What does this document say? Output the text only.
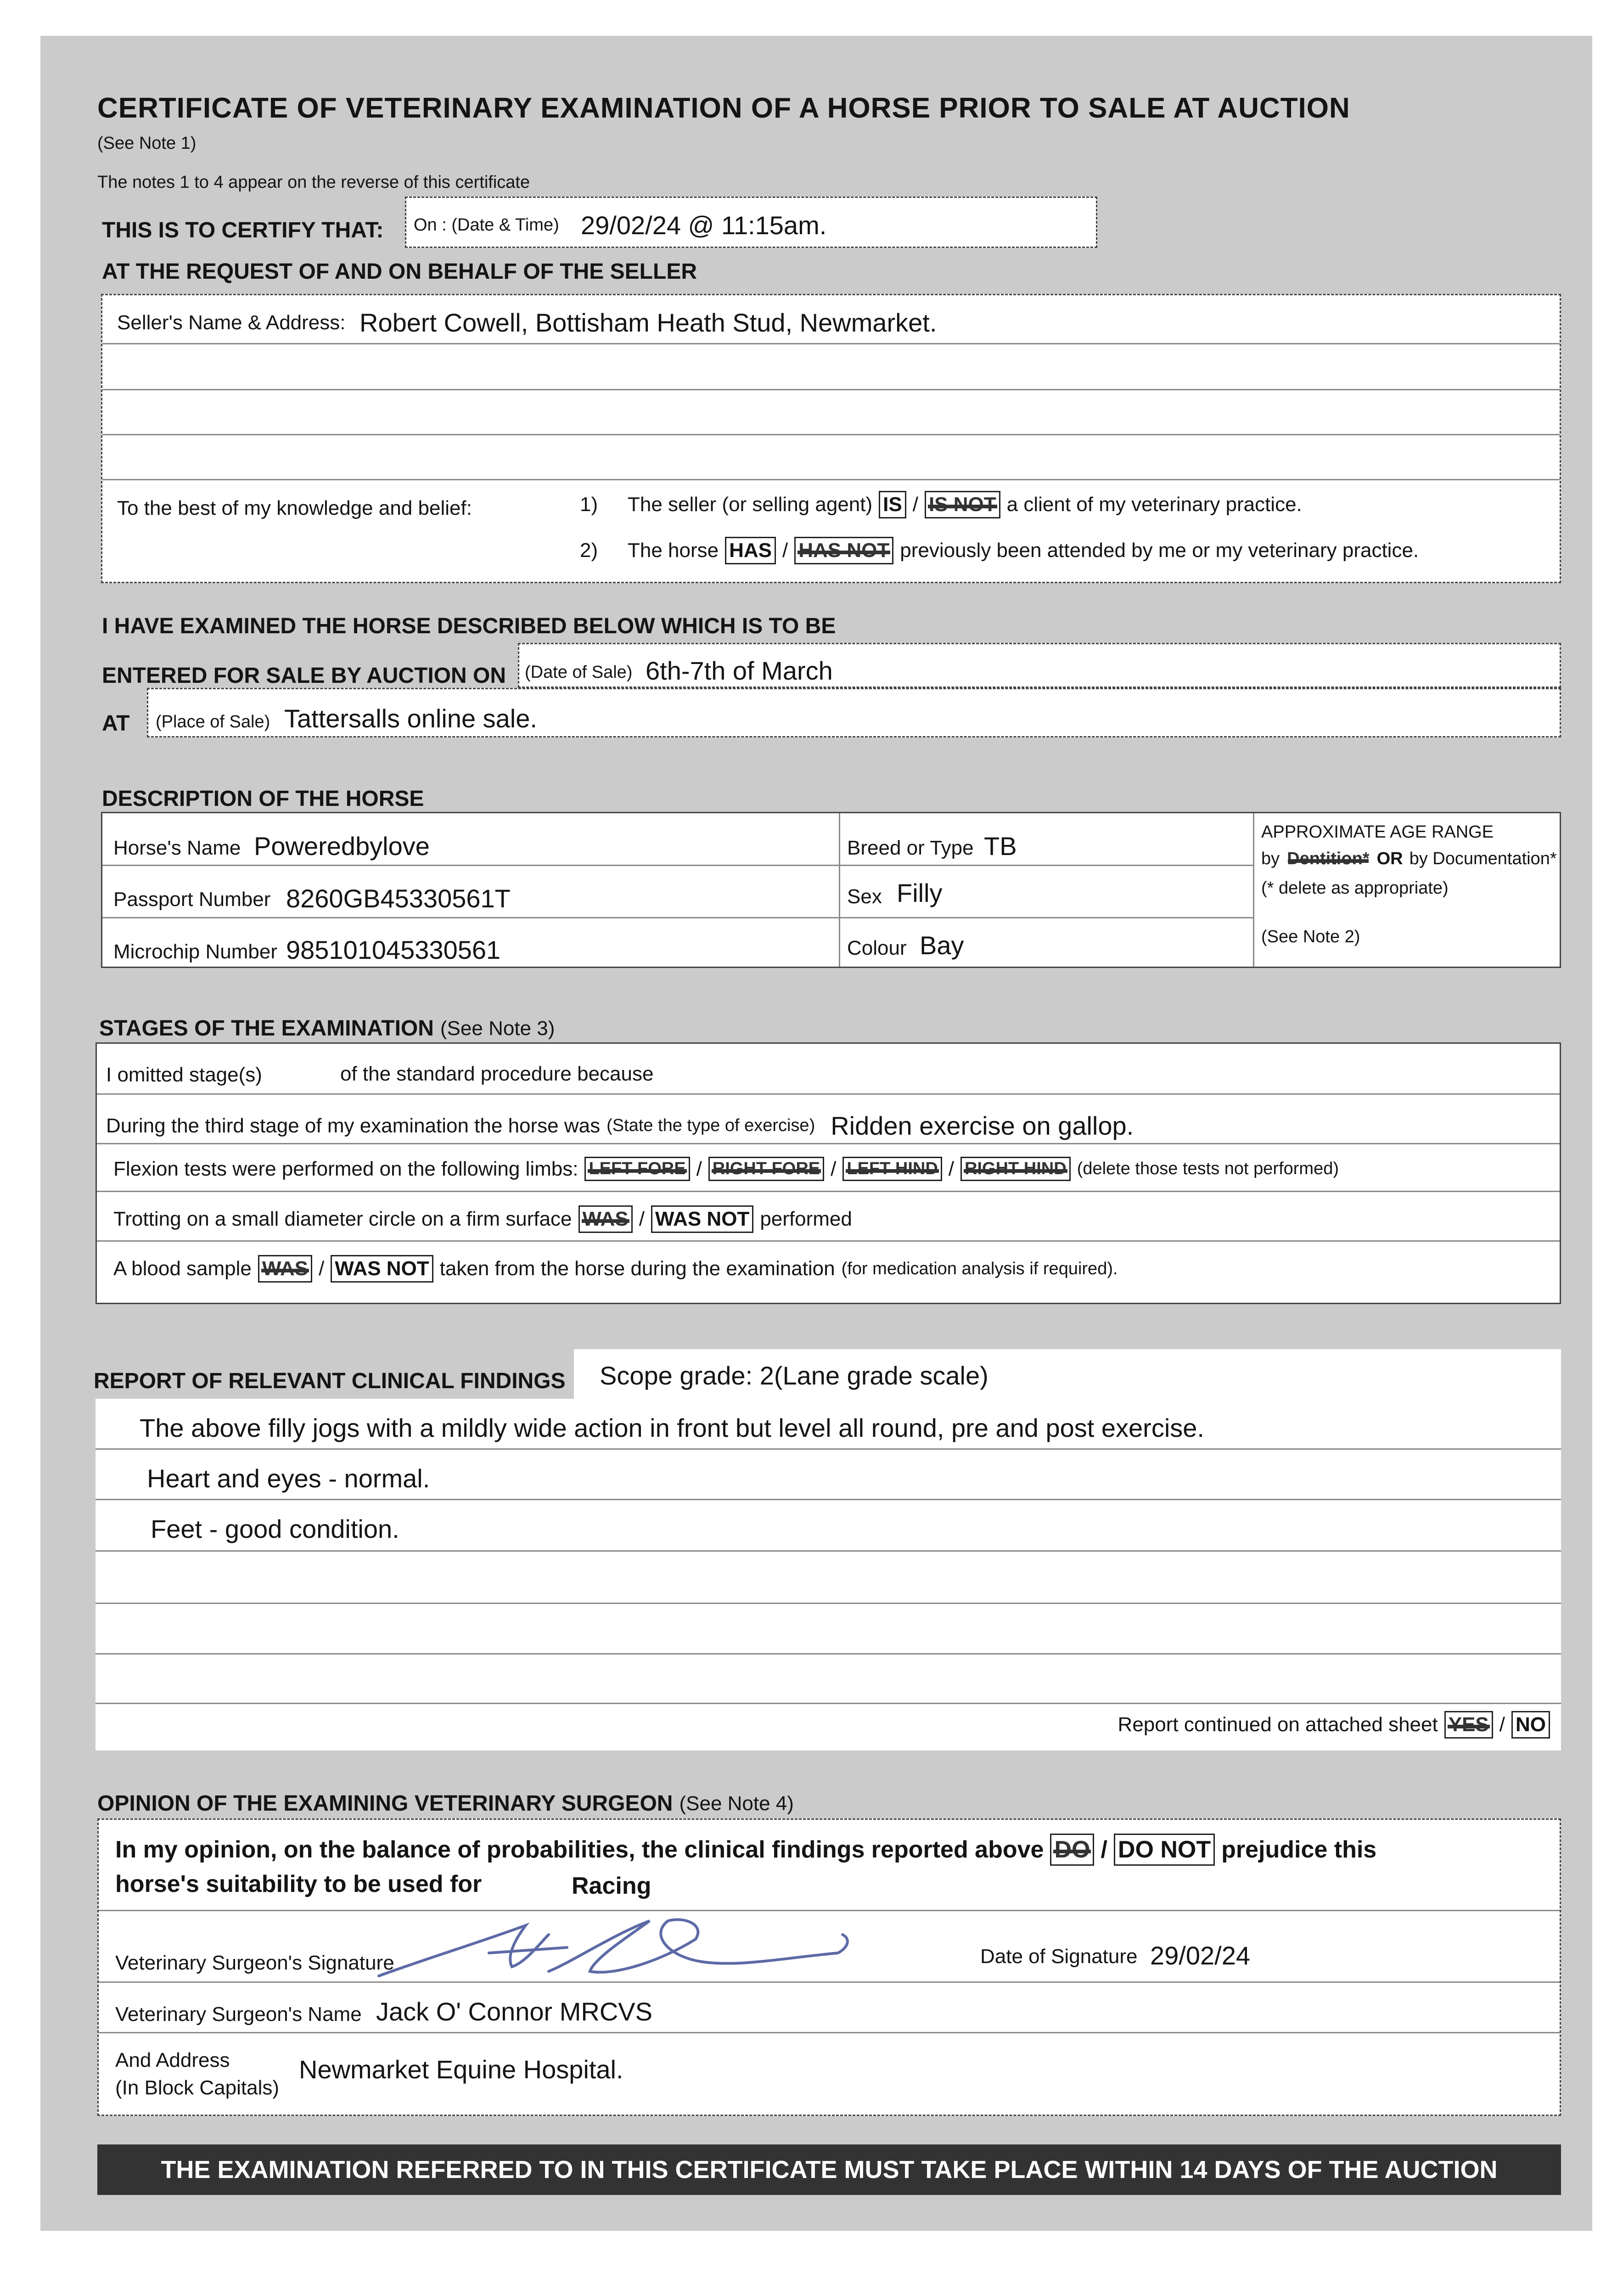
CERTIFICATE OF VETERINARY EXAMINATION OF A HORSE PRIOR TO SALE AT AUCTION
(See Note 1)
The notes 1 to 4 appear on the reverse of this certificate
THIS IS TO CERTIFY THAT: On : (Date & Time) 29/02/24 @ 11:15am.
AT THE REQUEST OF AND ON BEHALF OF THE SELLER
Seller's Name & Address: Robert Cowell, Bottisham Heath Stud, Newmarket.
To the best of my knowledge and belief:	1)	The seller (or selling agent) IS / IS NOT a client of my veterinary practice.
2)	The horse HAS / HAS NOT previously been attended by me or my veterinary practice.
I HAVE EXAMINED THE HORSE DESCRIBED BELOW WHICH IS TO BE
ENTERED FOR SALE BY AUCTION ON (Date of Sale) 6th-7th of March
AT (Place of Sale) Tattersalls online sale.
DESCRIPTION OF THE HORSE
Horse's Name Poweredbylove
Passport Number 8260GB45330561T
Microchip Number 985101045330561
Breed or Type TB
Sex Filly
Colour Bay
APPROXIMATE AGE RANGE
by Dentition* OR by Documentation*
(* delete as appropriate)
(See Note 2)
STAGES OF THE EXAMINATION (See Note 3)
I omitted stage(s)	of the standard procedure because
During the third stage of my examination the horse was (State the type of exercise) Ridden exercise on gallop.
Flexion tests were performed on the following limbs: LEFT FORE / RIGHT FORE / LEFT HIND / RIGHT HIND (delete those tests not performed)
Trotting on a small diameter circle on a firm surface WAS / WAS NOT performed
A blood sample WAS / WAS NOT taken from the horse during the examination (for medication analysis if required).
REPORT OF RELEVANT CLINICAL FINDINGS Scope grade: 2(Lane grade scale)
The above filly jogs with a mildly wide action in front but level all round, pre and post exercise.
Heart and eyes - normal.
Feet - good condition.
Report continued on attached sheet YES / NO
OPINION OF THE EXAMINING VETERINARY SURGEON (See Note 4)
In my opinion, on the balance of probabilities, the clinical findings reported above DO / DO NOT prejudice this
horse's suitability to be used for	Racing
Veterinary Surgeon's Signature	Date of Signature 29/02/24
Veterinary Surgeon's Name Jack O' Connor MRCVS
And Address
(In Block Capitals)
Newmarket Equine Hospital.
THE EXAMINATION REFERRED TO IN THIS CERTIFICATE MUST TAKE PLACE WITHIN 14 DAYS OF THE AUCTION
